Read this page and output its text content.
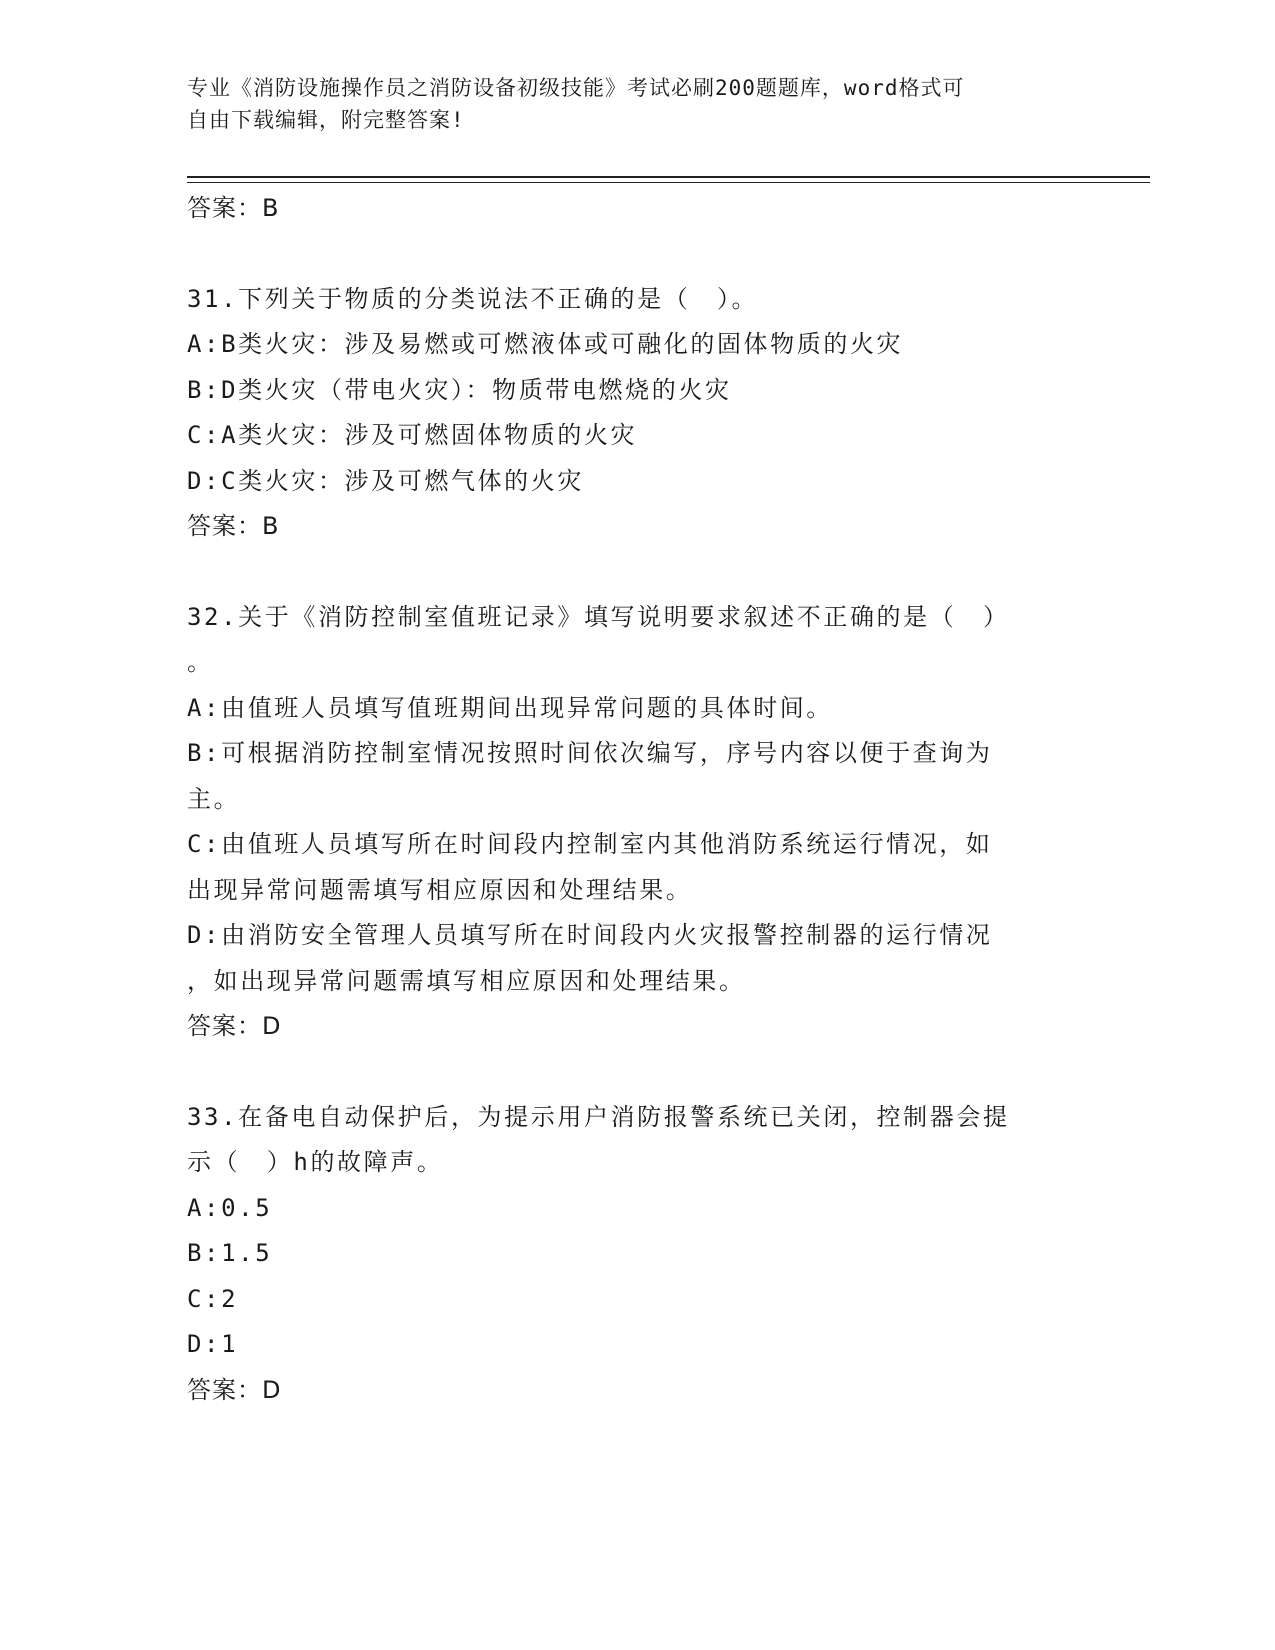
专业《消防设施操作员之消防设备初级技能》考试必刷200题题库，word格式可
自由下载编辑，附完整答案!
答案：B
31.下列关于物质的分类说法不正确的是（　）。
A:B类火灾：涉及易燃或可燃液体或可融化的固体物质的火灾
B:D类火灾（带电火灾）：物质带电燃烧的火灾
C:A类火灾：涉及可燃固体物质的火灾
D:C类火灾：涉及可燃气体的火灾
答案：B
32.关于《消防控制室值班记录》填写说明要求叙述不正确的是（　）
。
A:由值班人员填写值班期间出现异常问题的具体时间。
B:可根据消防控制室情况按照时间依次编写，序号内容以便于查询为
主。
C:由值班人员填写所在时间段内控制室内其他消防系统运行情况，如
出现异常问题需填写相应原因和处理结果。
D:由消防安全管理人员填写所在时间段内火灾报警控制器的运行情况
，如出现异常问题需填写相应原因和处理结果。
答案：D
33.在备电自动保护后，为提示用户消防报警系统已关闭，控制器会提
示（　）h的故障声。
A:0.5
B:1.5
C:2
D:1
答案：D
